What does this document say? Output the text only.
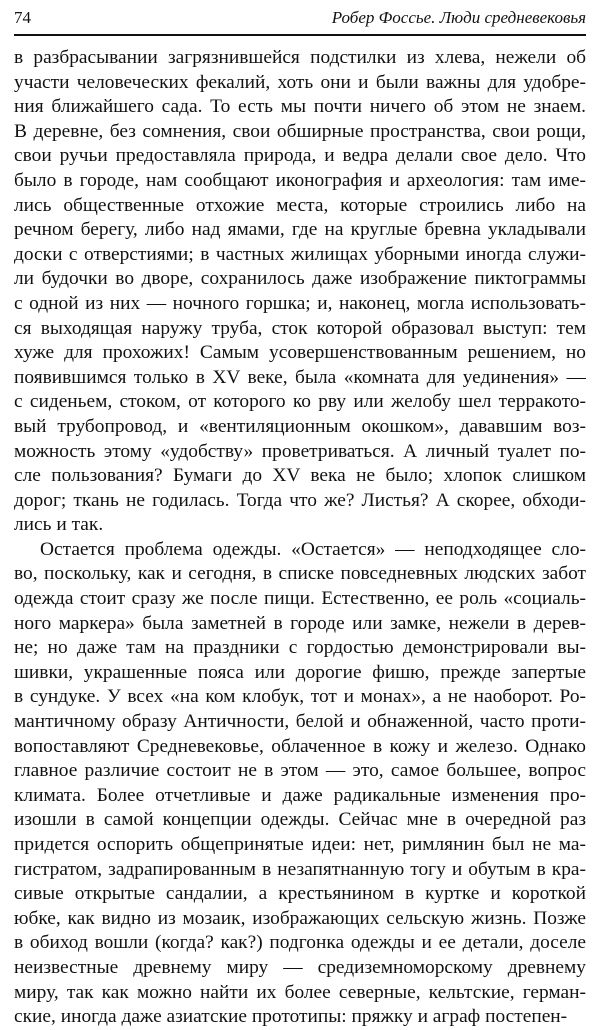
74	Робер Фоссье. Люди средневековья
в разбрасывании загрязнившейся подстилки из хлева, нежели об
участи человеческих фекалий, хоть они и были важны для удобре-
ния ближайшего сада. То есть мы почти ничего об этом не знаем.
В деревне, без сомнения, свои обширные пространства, свои рощи,
свои ручьи предоставляла природа, и ведра делали свое дело. Что
было в городе, нам сообщают иконография и археология: там име-
лись общественные отхожие места, которые строились либо на
речном берегу, либо над ямами, где на круглые бревна укладывали
доски с отверстиями; в частных жилищах уборными иногда служи-
ли будочки во дворе, сохранилось даже изображение пиктограммы
с одной из них — ночного горшка; и, наконец, могла использовать-
ся выходящая наружу труба, сток которой образовал выступ: тем
хуже для прохожих! Самым усовершенствованным решением, но
появившимся только в XV веке, была «комната для уединения» —
с сиденьем, стоком, от которого ко рву или желобу шел терракото-
вый трубопровод, и «вентиляционным окошком», дававшим воз-
можность этому «удобству» проветриваться. А личный туалет по-
сле пользования? Бумаги до XV века не было; хлопок слишком
дорог; ткань не годилась. Тогда что же? Листья? А скорее, обходи-
лись и так.
Остается проблема одежды. «Остается» — неподходящее сло-
во, поскольку, как и сегодня, в списке повседневных людских забот
одежда стоит сразу же после пищи. Естественно, ее роль «социаль-
ного маркера» была заметней в городе или замке, нежели в дерев-
не; но даже там на праздники с гордостью демонстрировали вы-
шивки, украшенные пояса или дорогие фишю, прежде запертые
в сундуке. У всех «на ком клобук, тот и монах», а не наоборот. Ро-
мантичному образу Античности, белой и обнаженной, часто проти-
вопоставляют Средневековье, облаченное в кожу и железо. Однако
главное различие состоит не в этом — это, самое большее, вопрос
климата. Более отчетливые и даже радикальные изменения про-
изошли в самой концепции одежды. Сейчас мне в очередной раз
придется оспорить общепринятые идеи: нет, римлянин был не ма-
гистратом, задрапированным в незапятнанную тогу и обутым в кра-
сивые открытые сандалии, а крестьянином в куртке и короткой
юбке, как видно из мозаик, изображающих сельскую жизнь. Позже
в обиход вошли (когда? как?) подгонка одежды и ее детали, доселе
неизвестные древнему миру — средиземноморскому древнему
миру, так как можно найти их более северные, кельтские, герман-
ские, иногда даже азиатские прототипы: пряжку и аграф постепен-
